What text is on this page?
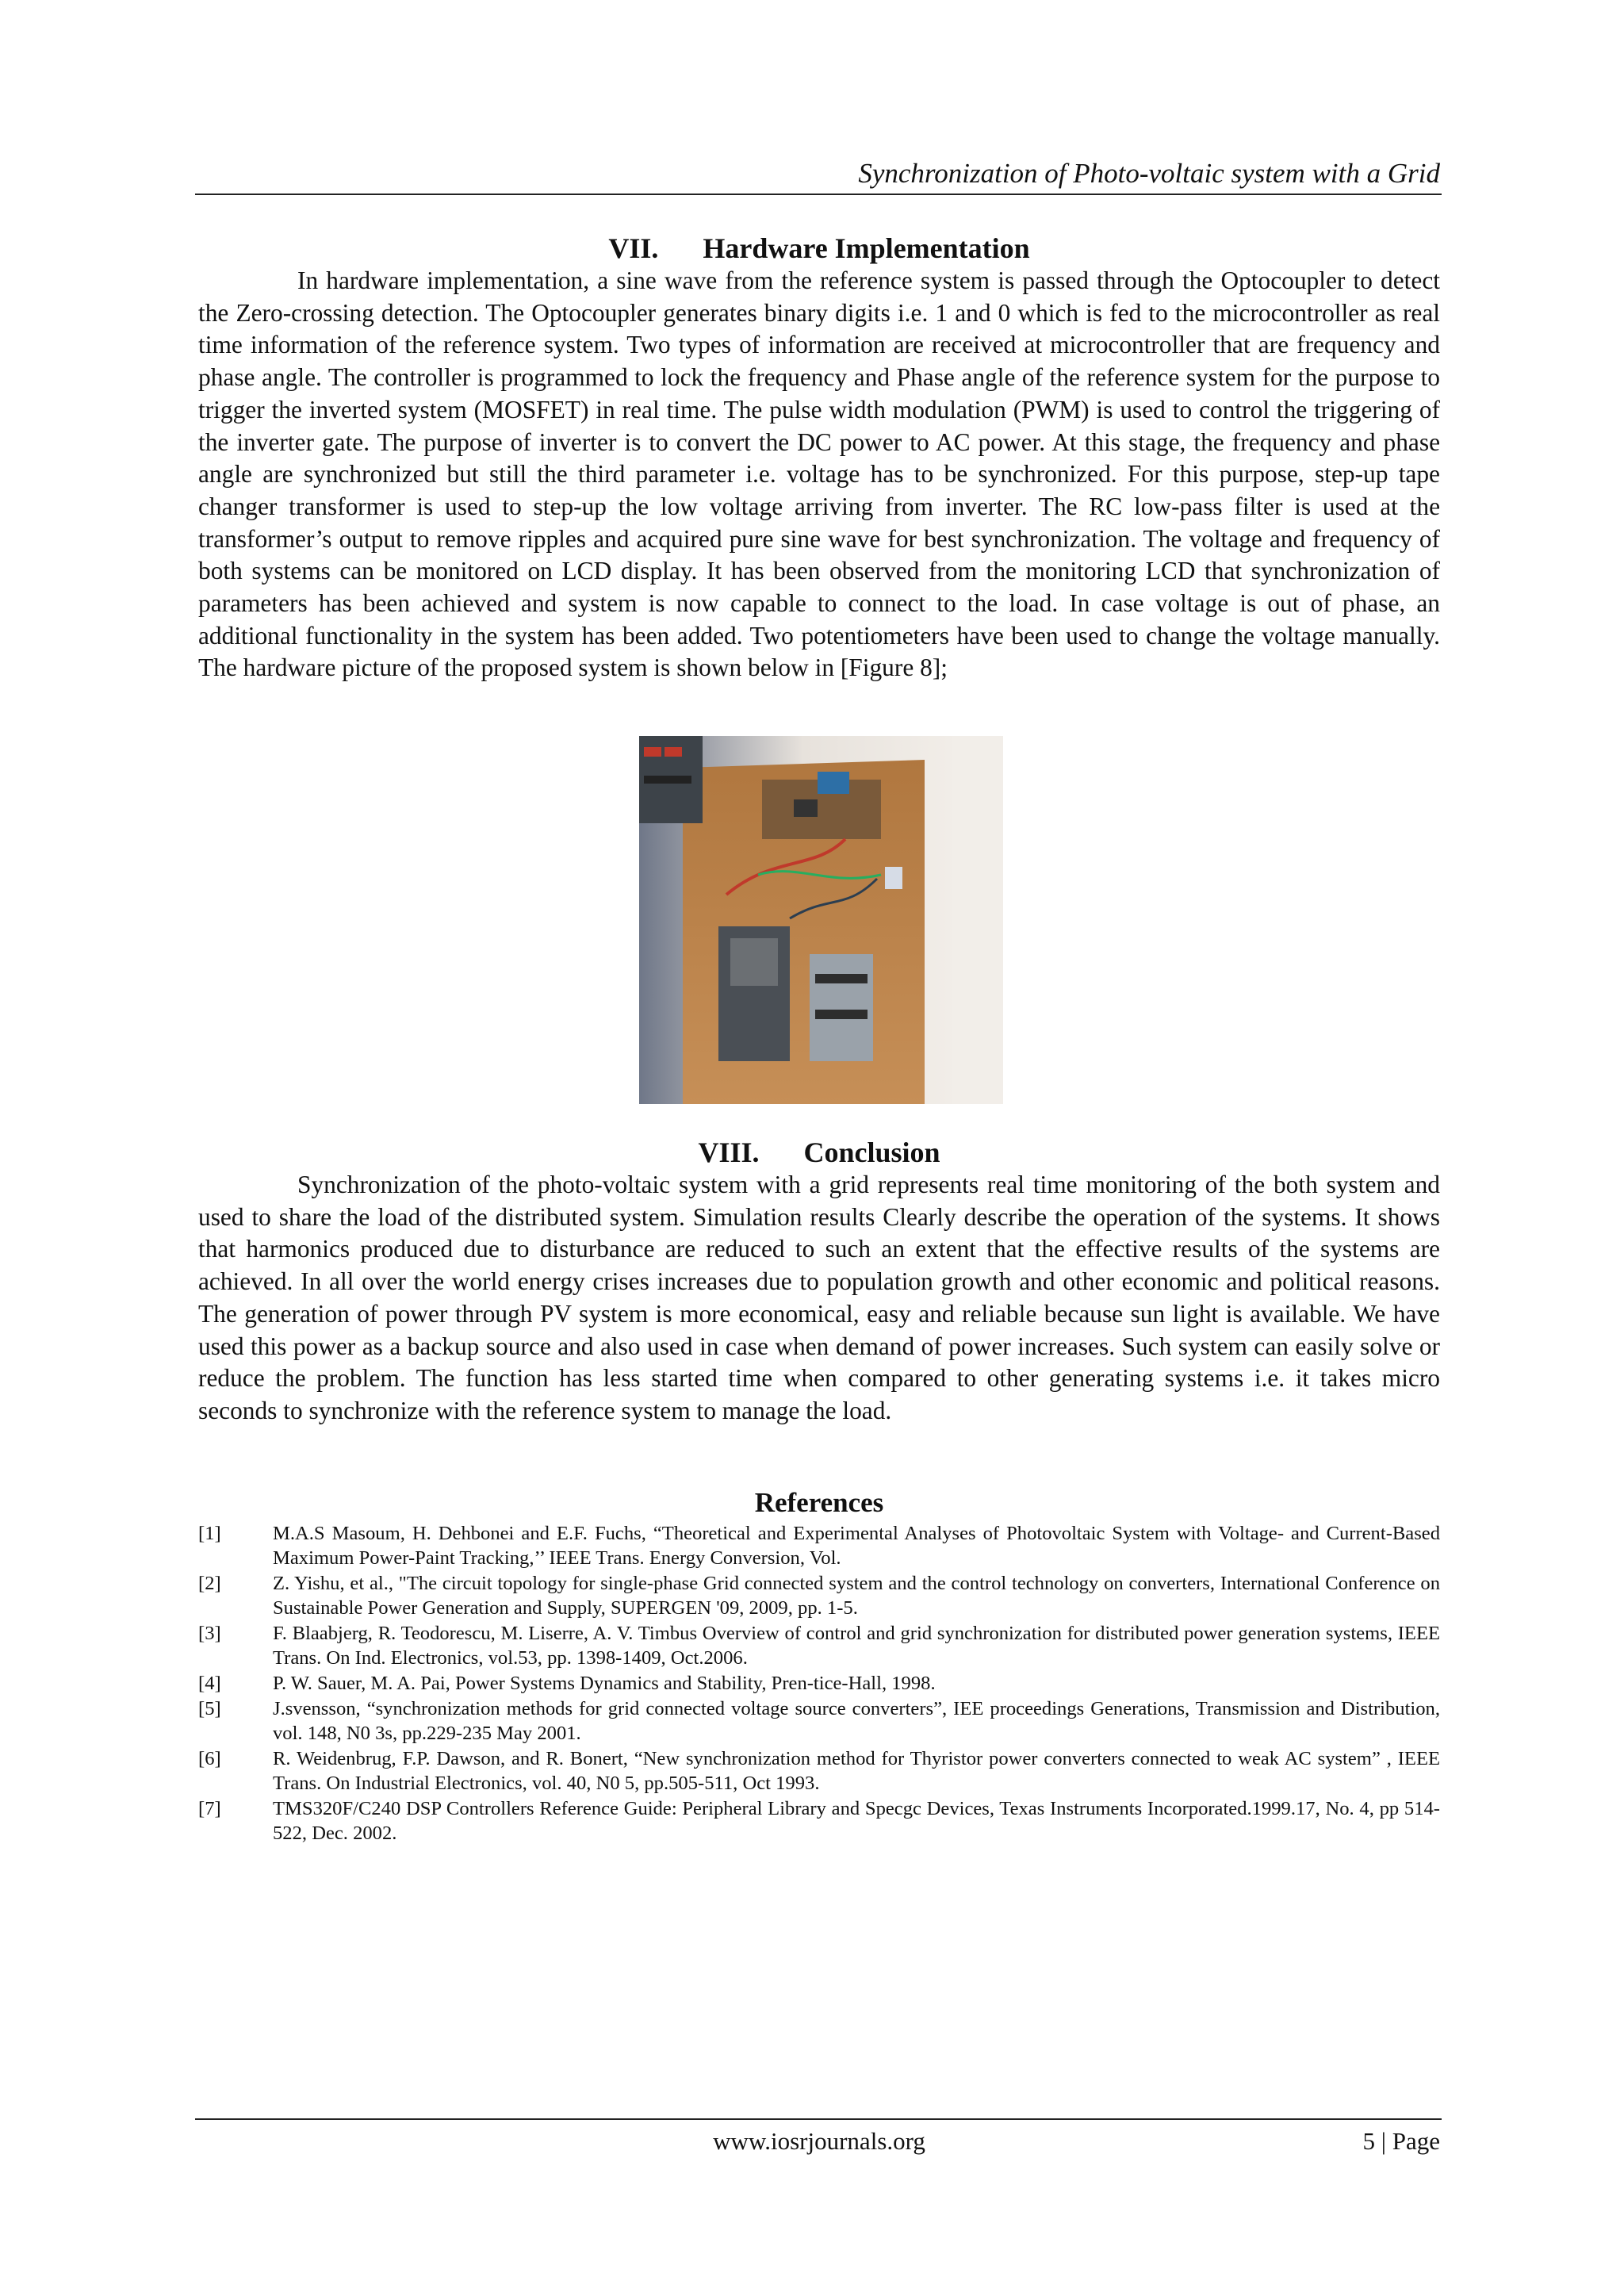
Synchronization of Photo-voltaic system with a Grid
VII. Hardware Implementation

In hardware implementation, a sine wave from the reference system is passed through the Optocoupler to detect the Zero-crossing detection. The Optocoupler generates binary digits i.e. 1 and 0 which is fed to the microcontroller as real time information of the reference system. Two types of information are received at microcontroller that are frequency and phase angle. The controller is programmed to lock the frequency and Phase angle of the reference system for the purpose to trigger the inverted system (MOSFET) in real time. The pulse width modulation (PWM) is used to control the triggering of the inverter gate. The purpose of inverter is to convert the DC power to AC power. At this stage, the frequency and phase angle are synchronized but still the third parameter i.e. voltage has to be synchronized. For this purpose, step-up tape changer transformer is used to step-up the low voltage arriving from inverter. The RC low-pass filter is used at the transformer’s output to remove ripples and acquired pure sine wave for best synchronization. The voltage and frequency of both systems can be monitored on LCD display. It has been observed from the monitoring LCD that synchronization of parameters has been achieved and system is now capable to connect to the load. In case voltage is out of phase, an additional functionality in the system has been added. Two potentiometers have been used to change the voltage manually. The hardware picture of the proposed system is shown below in [Figure 8];

VIII. Conclusion

Synchronization of the photo-voltaic system with a grid represents real time monitoring of the both system and used to share the load of the distributed system. Simulation results Clearly describe the operation of the systems. It shows that harmonics produced due to disturbance are reduced to such an extent that the effective results of the systems are achieved. In all over the world energy crises increases due to population growth and other economic and political reasons. The generation of power through PV system is more economical, easy and reliable because sun light is available. We have used this power as a backup source and also used in case when demand of power increases. Such system can easily solve or reduce the problem. The function has less started time when compared to other generating systems i.e. it takes micro seconds to synchronize with the reference system to manage the load.

References
[1]	M.A.S Masoum, H. Dehbonei and E.F. Fuchs, “Theoretical and Experimental Analyses of Photovoltaic System with Voltage- and Current-Based Maximum Power-Paint Tracking,’’ IEEE Trans. Energy Conversion, Vol.
[2]	Z. Yishu, et al., "The circuit topology for single-phase Grid connected system and the control technology on converters, International Conference on Sustainable Power Generation and Supply, SUPERGEN '09, 2009, pp. 1-5.
[3]	F. Blaabjerg, R. Teodorescu, M. Liserre, A. V. Timbus Overview of control and grid synchronization for distributed power generation systems, IEEE Trans. On Ind. Electronics, vol.53, pp. 1398-1409, Oct.2006.
[4]	P. W. Sauer, M. A. Pai, Power Systems Dynamics and Stability, Pren-tice-Hall, 1998.
[5]	J.svensson, “synchronization methods for grid connected voltage source converters”, IEE proceedings Generations, Transmission and Distribution, vol. 148, N0 3s, pp.229-235 May 2001.
[6]	R. Weidenbrug, F.P. Dawson, and R. Bonert, “New synchronization method for Thyristor power converters connected to weak AC system” , IEEE Trans. On Industrial Electronics, vol. 40, N0 5, pp.505-511, Oct 1993.
[7]	TMS320F/C240 DSP Controllers Reference Guide: Peripheral Library and Specgc Devices, Texas Instruments Incorporated.1999.17, No. 4, pp 514-522, Dec. 2002.
www.iosrjournals.org	5 | Page
